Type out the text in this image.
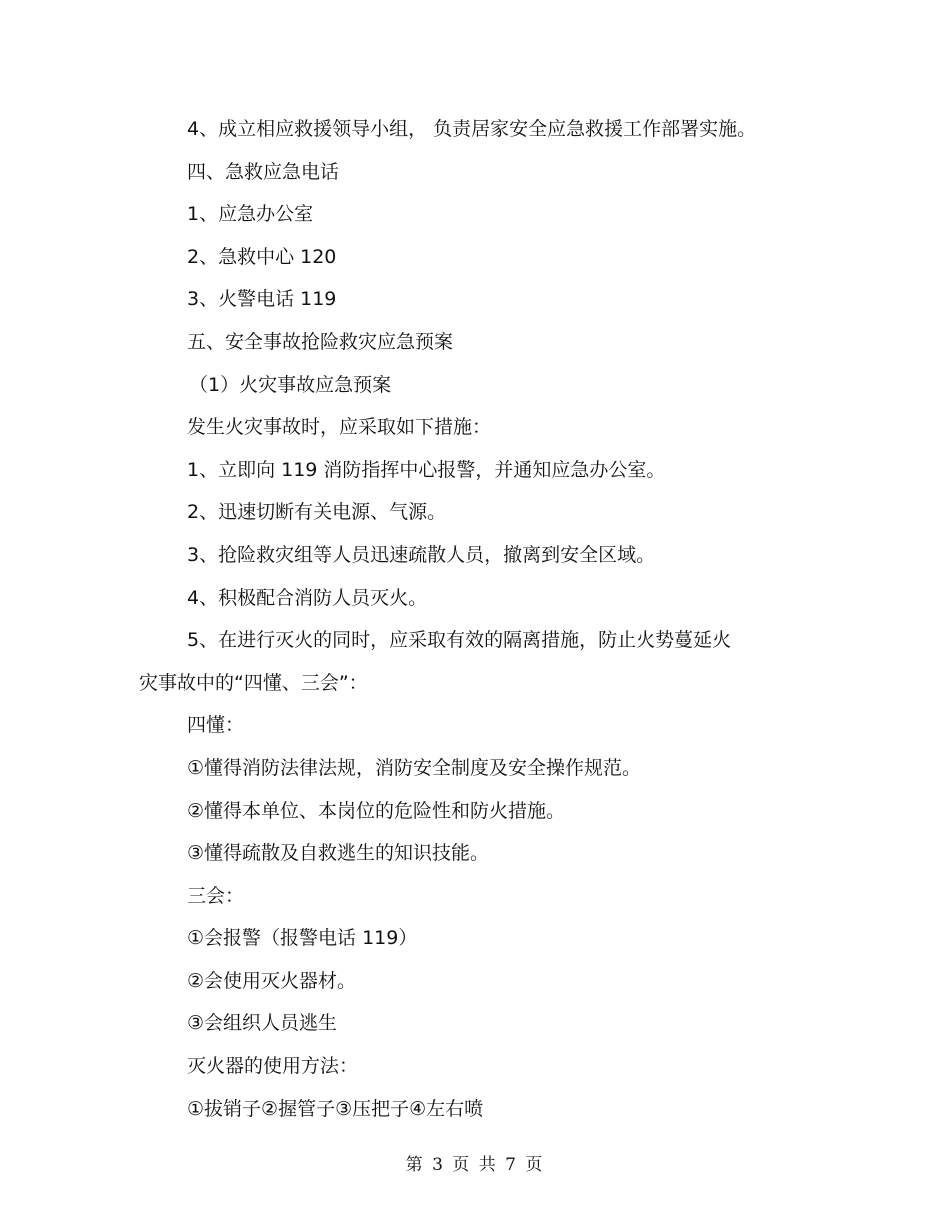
4、成立相应救援领导小组， 负责居家安全应急救援工作部署实施。
四、急救应急电话
1、应急办公室
2、急救中心 120
3、火警电话 119
五、安全事故抢险救灾应急预案
（1）火灾事故应急预案
发生火灾事故时，应采取如下措施：
1、立即向 119 消防指挥中心报警，并通知应急办公室。
2、迅速切断有关电源、气源。
3、抢险救灾组等人员迅速疏散人员，撤离到安全区域。
4、积极配合消防人员灭火。
5、在进行灭火的同时，应采取有效的隔离措施，防止火势蔓延火
灾事故中的“四懂、三会”：
四懂：
①懂得消防法律法规，消防安全制度及安全操作规范。
②懂得本单位、本岗位的危险性和防火措施。
③懂得疏散及自救逃生的知识技能。
三会：
①会报警（报警电话 119）
②会使用灭火器材。
③会组织人员逃生
灭火器的使用方法：
①拔销子②握管子③压把子④左右喷
第 3 页 共 7 页
